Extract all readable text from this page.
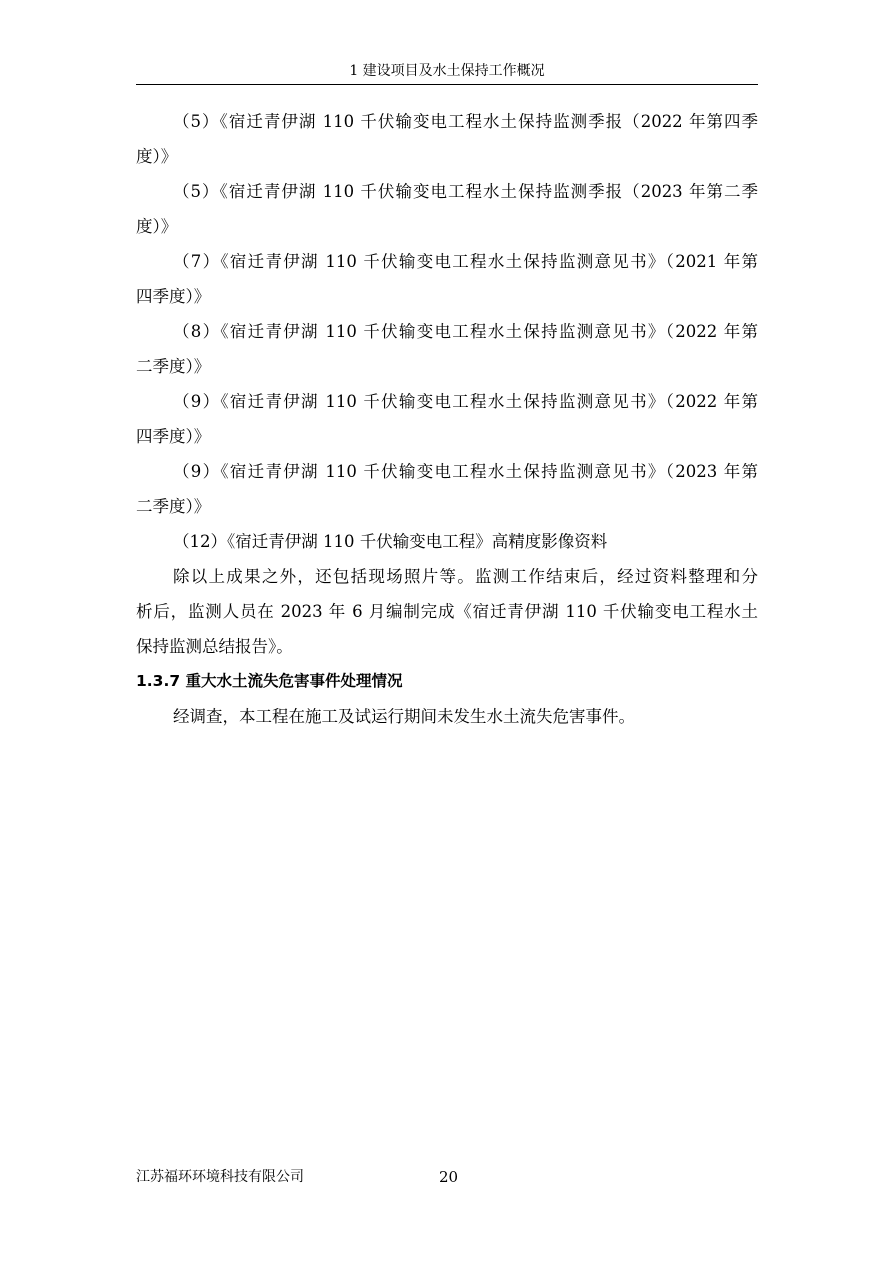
1 建设项目及水土保持工作概况
（5）《宿迁青伊湖 110 千伏输变电工程水土保持监测季报（2022 年第四季
度）》
（5）《宿迁青伊湖 110 千伏输变电工程水土保持监测季报（2023 年第二季
度）》
（7）《宿迁青伊湖 110 千伏输变电工程水土保持监测意见书》（2021 年第
四季度）》
（8）《宿迁青伊湖 110 千伏输变电工程水土保持监测意见书》（2022 年第
二季度）》
（9）《宿迁青伊湖 110 千伏输变电工程水土保持监测意见书》（2022 年第
四季度）》
（9）《宿迁青伊湖 110 千伏输变电工程水土保持监测意见书》（2023 年第
二季度）》
（12）《宿迁青伊湖 110 千伏输变电工程》高精度影像资料
除以上成果之外，还包括现场照片等。监测工作结束后，经过资料整理和分
析后，监测人员在 2023 年 6 月编制完成《宿迁青伊湖 110 千伏输变电工程水土
保持监测总结报告》。
1.3.7 重大水土流失危害事件处理情况
经调查，本工程在施工及试运行期间未发生水土流失危害事件。
江苏福环环境科技有限公司	20
